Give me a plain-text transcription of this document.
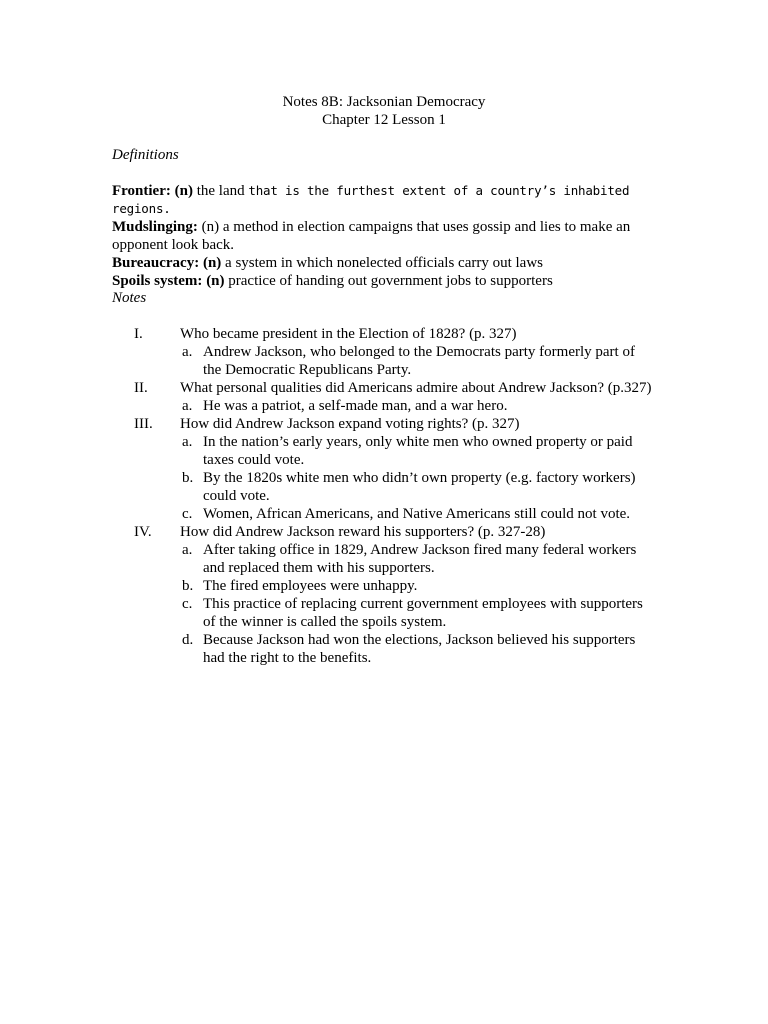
Notes 8B: Jacksonian Democracy
Chapter 12 Lesson 1
Definitions
Frontier: (n) the land that is the furthest extent of a country’s inhabited regions.
Mudslinging: (n) a method in election campaigns that uses gossip and lies to make an opponent look back.
Bureaucracy: (n) a system in which nonelected officials carry out laws
Spoils system: (n) practice of handing out government jobs to supporters
Notes
I. Who became president in the Election of 1828? (p. 327)
a. Andrew Jackson, who belonged to the Democrats party formerly part of the Democratic Republicans Party.
II. What personal qualities did Americans admire about Andrew Jackson? (p.327)
a. He was a patriot, a self-made man, and a war hero.
III. How did Andrew Jackson expand voting rights? (p. 327)
a. In the nation’s early years, only white men who owned property or paid taxes could vote.
b. By the 1820s white men who didn’t own property (e.g. factory workers) could vote.
c. Women, African Americans, and Native Americans still could not vote.
IV. How did Andrew Jackson reward his supporters? (p. 327-28)
a. After taking office in 1829, Andrew Jackson fired many federal workers and replaced them with his supporters.
b. The fired employees were unhappy.
c. This practice of replacing current government employees with supporters of the winner is called the spoils system.
d. Because Jackson had won the elections, Jackson believed his supporters had the right to the benefits.
